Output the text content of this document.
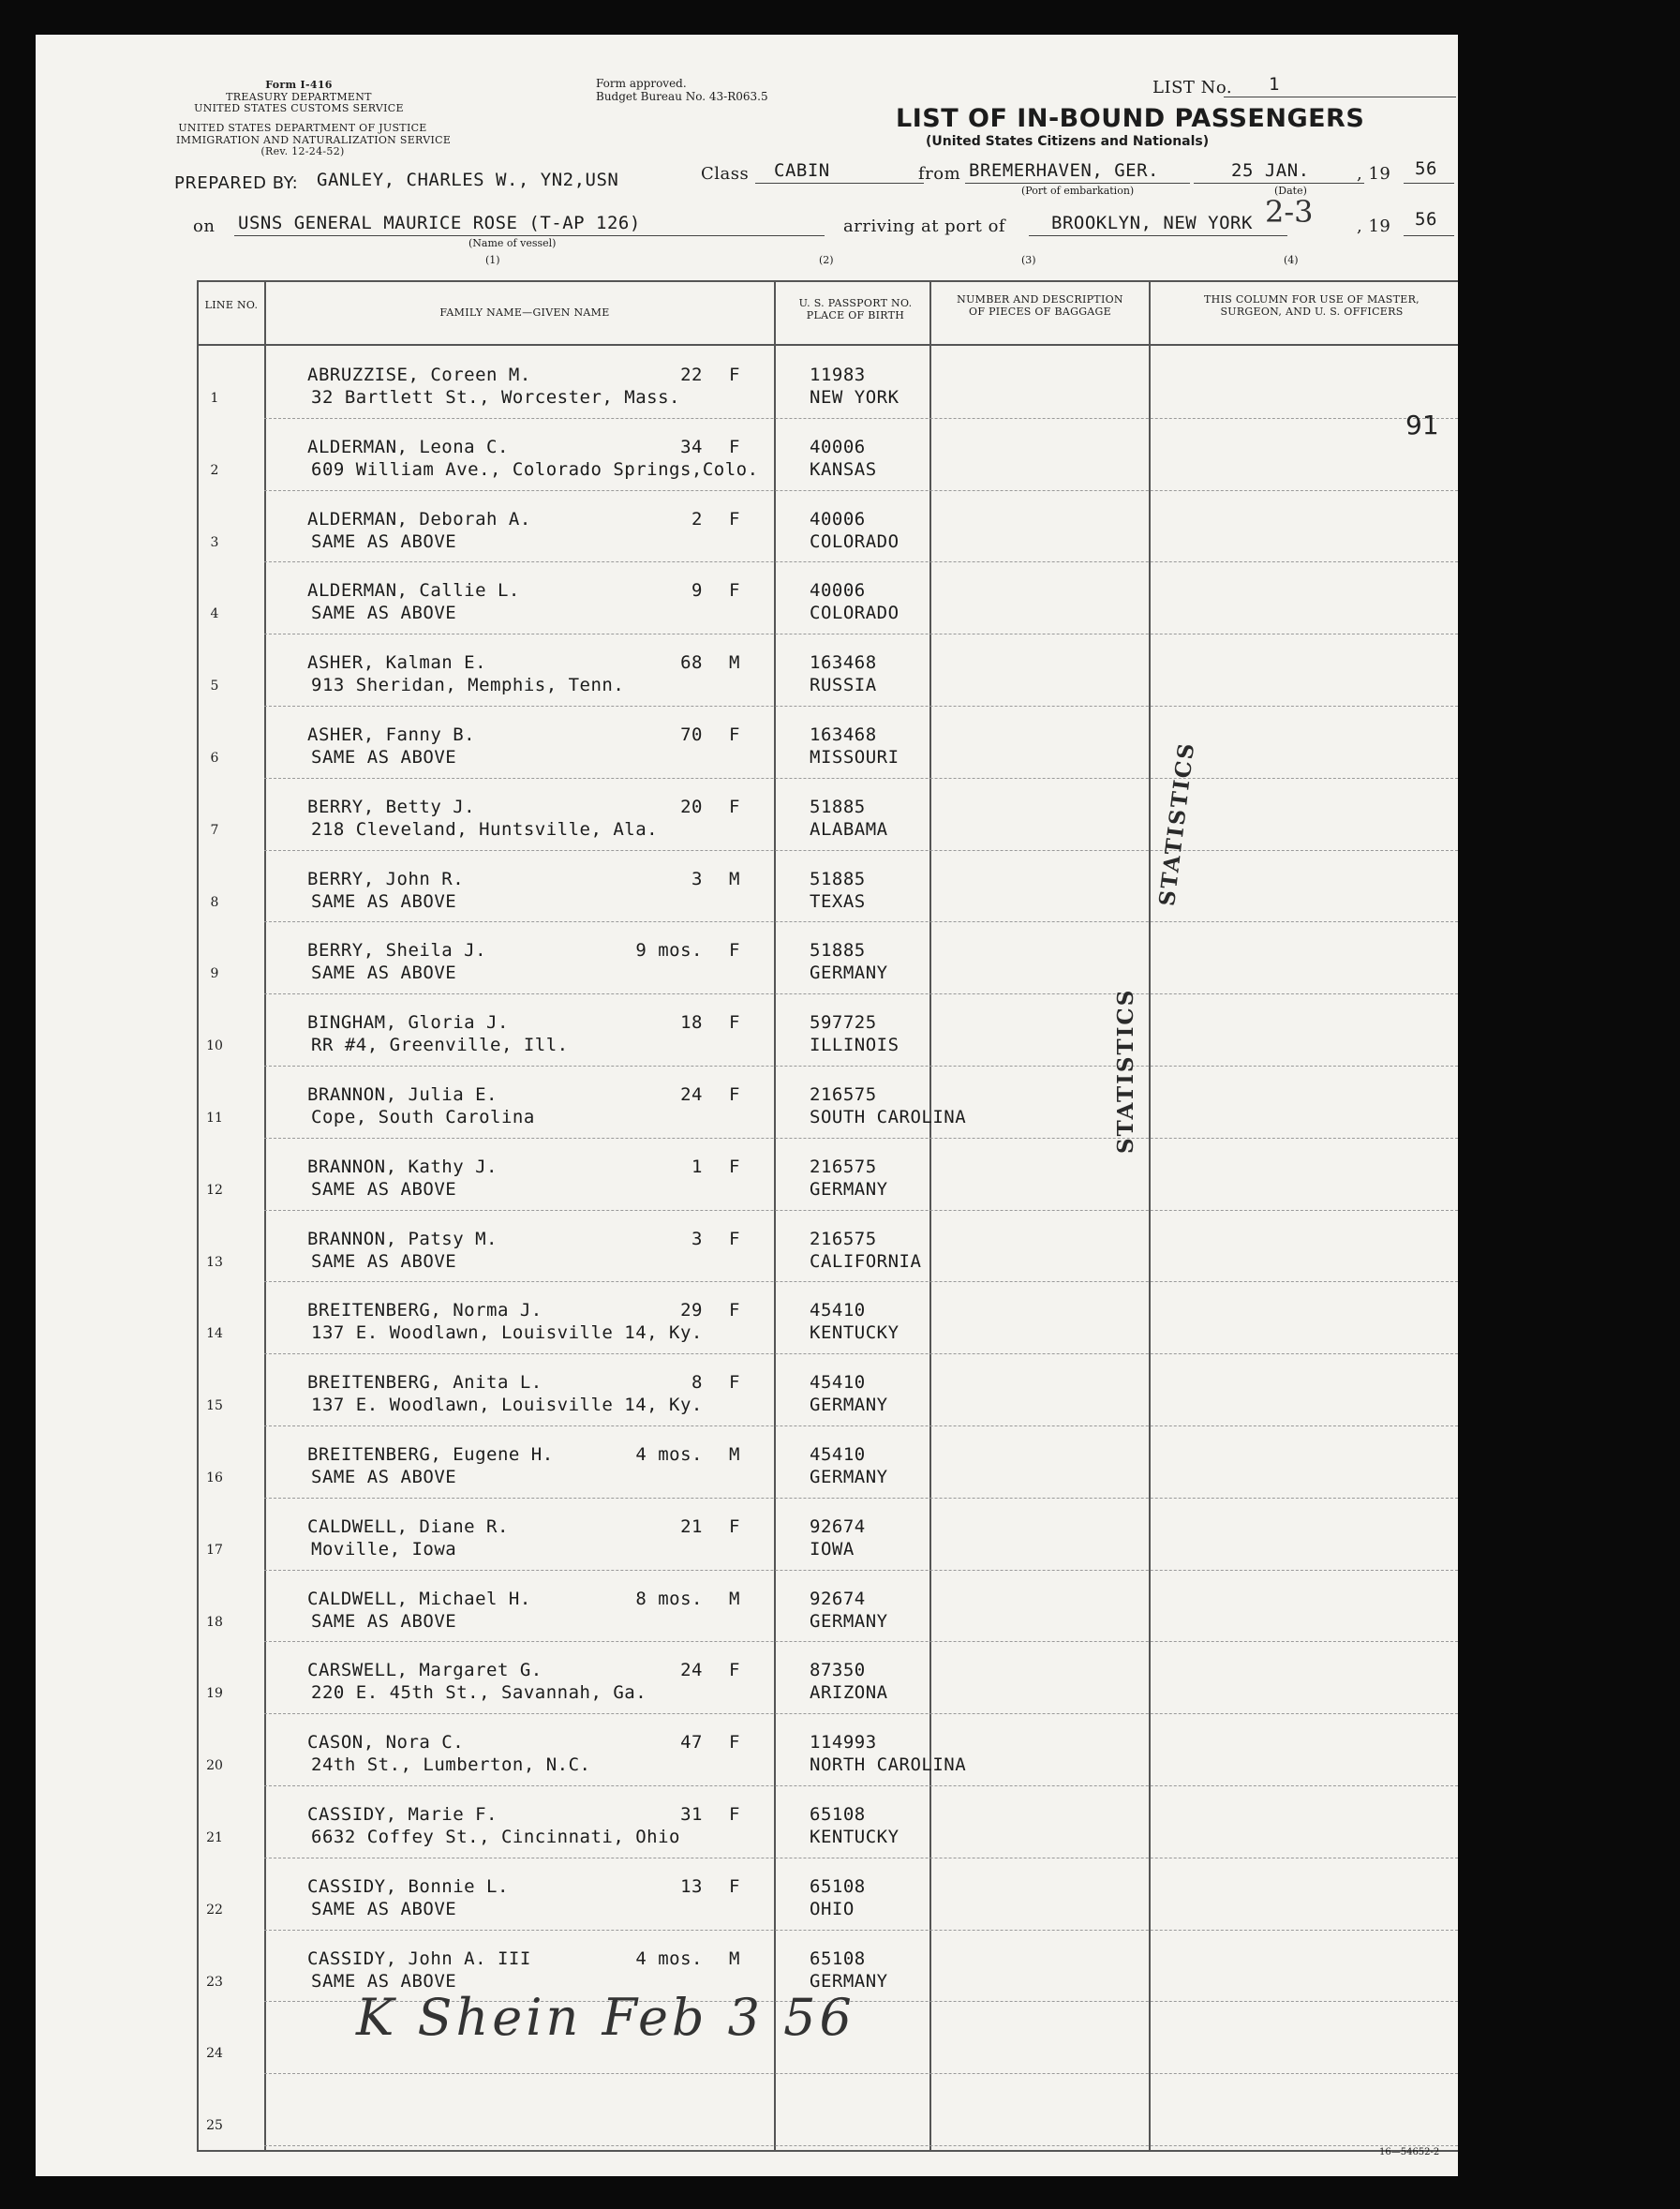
Form I-416
TREASURY DEPARTMENT
UNITED STATES CUSTOMS SERVICE
UNITED STATES DEPARTMENT OF JUSTICE
IMMIGRATION AND NATURALIZATION SERVICE
(Rev. 12-24-52)
Form approved.
Budget Bureau No. 43-R063.5	LIST No. 1
LIST OF IN-BOUND PASSENGERS
(United States Citizens and Nationals)
PREPARED BY: GANLEY, CHARLES W., YN2,USN	Class CABIN	from BREMERHAVEN, GER.
(Port of embarkation)
25 JAN.
(Date)
, 19 56
on USNS GENERAL MAURICE ROSE (T-AP 126)
(Name of vessel)
(1)
arriving at port of
(2)
BROOKLYN, NEW YORK
(3)
2-3
(4)
, 19 56
LINE NO.
FAMILY NAME—GIVEN NAME
U. S. PASSPORT NO. PLACE OF BIRTH
NUMBER AND DESCRIPTION OF PIECES OF BAGGAGE
THIS COLUMN FOR USE OF MASTER, SURGEON, AND U. S. OFFICERS
1
ABRUZZISE, Coreen M.	22 F
32 Bartlett St., Worcester, Mass.
11983
NEW YORK
2
ALDERMAN, Leona C.	34 F
609 William Ave., Colorado Springs,Colo.
40006
KANSAS
3
ALDERMAN, Deborah A.	2 F
SAME AS ABOVE
40006
COLORADO
4
ALDERMAN, Callie L.	9 F
SAME AS ABOVE
40006
COLORADO
5
ASHER, Kalman E.	68 M
913 Sheridan, Memphis, Tenn.
163468
RUSSIA
6
ASHER, Fanny B.	70 F
SAME AS ABOVE
163468
MISSOURI
7
BERRY, Betty J.	20 F
218 Cleveland, Huntsville, Ala.
51885
ALABAMA
8
BERRY, John R.	3 M
SAME AS ABOVE
51885
TEXAS
9
BERRY, Sheila J.	9 mos. F
SAME AS ABOVE
51885
GERMANY
10
BINGHAM, Gloria J.	18 F
RR #4, Greenville, Ill.
597725
ILLINOIS
11
BRANNON, Julia E.	24 F
Cope, South Carolina
216575
SOUTH CAROLINA
12
BRANNON, Kathy J.	1 F
SAME AS ABOVE
216575
GERMANY
13
BRANNON, Patsy M.	3 F
SAME AS ABOVE
216575
CALIFORNIA
14
BREITENBERG, Norma J.	29 F
137 E. Woodlawn, Louisville 14, Ky.
45410
KENTUCKY
15
BREITENBERG, Anita L.	8 F
137 E. Woodlawn, Louisville 14, Ky.
45410
GERMANY
16
BREITENBERG, Eugene H.	4 mos. M
SAME AS ABOVE
45410
GERMANY
17
CALDWELL, Diane R.	21 F
Moville, Iowa
92674
IOWA
18
CALDWELL, Michael H.	8 mos. M
SAME AS ABOVE
92674
GERMANY
19
CARSWELL, Margaret G.	24 F
220 E. 45th St., Savannah, Ga.
87350
ARIZONA
20
CASON, Nora C.	47 F
24th St., Lumberton, N.C.
114993
NORTH CAROLINA
21
CASSIDY, Marie F.	31 F
6632 Coffey St., Cincinnati, Ohio
65108
KENTUCKY
22
CASSIDY, Bonnie L.	13 F
SAME AS ABOVE
65108
OHIO
23
CASSIDY, John A. III	4 mos. M
SAME AS ABOVE
65108
GERMANY
24
25
91
STATISTICS
STATISTICS
K Shein Feb 3 56
16—54652-2
